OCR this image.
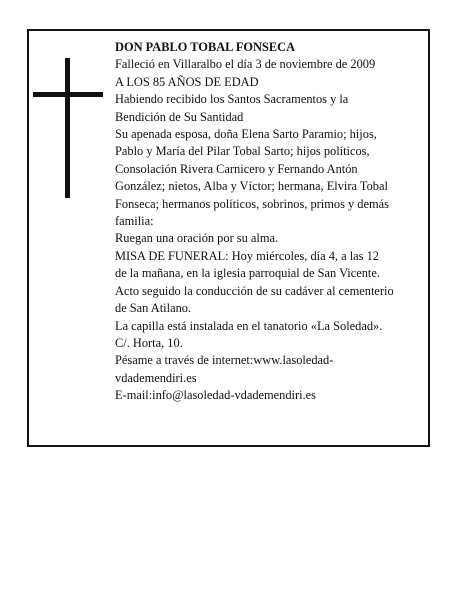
DON PABLO TOBAL FONSECA
Falleció en Villaralbo el día 3 de noviembre de 2009
A LOS 85 AÑOS DE EDAD
Habiendo recibido los Santos Sacramentos y la
Bendición de Su Santidad
Su apenada esposa, doña Elena Sarto Paramio; hijos,
Pablo y María del Pilar Tobal Sarto; hijos políticos,
Consolación Rivera Carnicero y Fernando Antón
González; nietos, Alba y Víctor; hermana, Elvira Tobal
Fonseca; hermanos políticos, sobrinos, primos y demás
familia:
Ruegan una oración por su alma.
MISA DE FUNERAL: Hoy miércoles, día 4, a las 12
de la mañana, en la iglesia parroquial de San Vicente.
Acto seguido la conducción de su cadáver al cementerio
de San Atilano.
La capilla está instalada en el tanatorio «La Soledad».
C/. Horta, 10.
Pésame a través de internet:www.lasoledad-
vdademendiri.es
E-mail:info@lasoledad-vdademendiri.es
